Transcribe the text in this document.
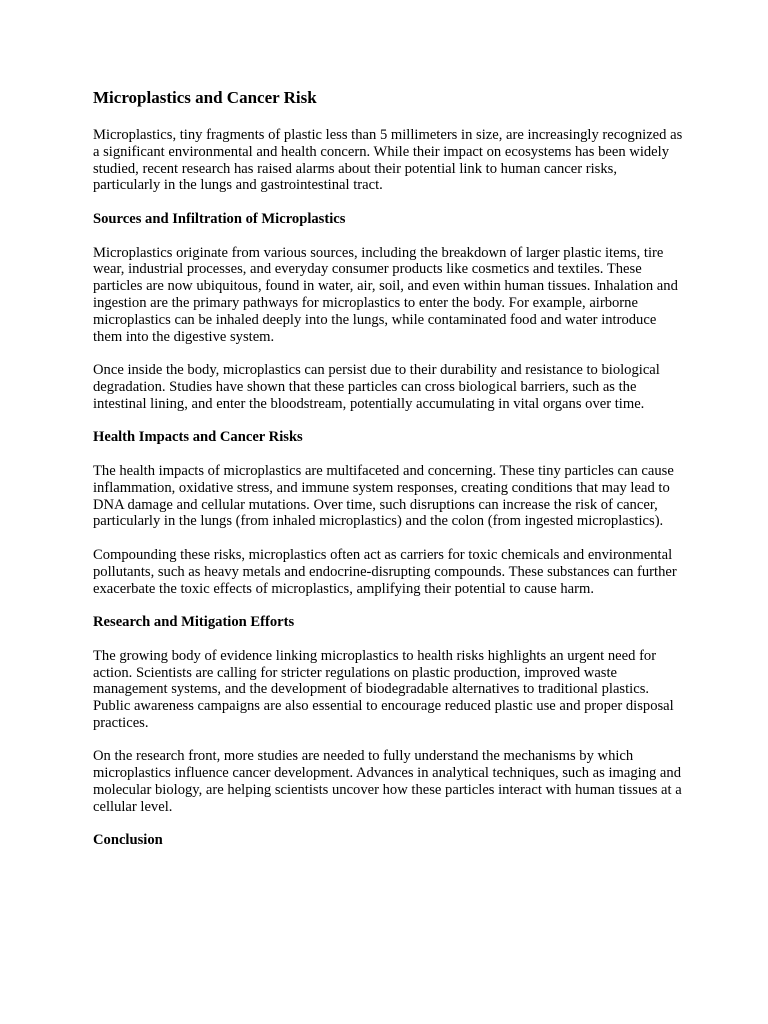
Microplastics and Cancer Risk

Microplastics, tiny fragments of plastic less than 5 millimeters in size, are increasingly recognized as a significant environmental and health concern. While their impact on ecosystems has been widely studied, recent research has raised alarms about their potential link to human cancer risks, particularly in the lungs and gastrointestinal tract.

Sources and Infiltration of Microplastics

Microplastics originate from various sources, including the breakdown of larger plastic items, tire wear, industrial processes, and everyday consumer products like cosmetics and textiles. These particles are now ubiquitous, found in water, air, soil, and even within human tissues. Inhalation and ingestion are the primary pathways for microplastics to enter the body. For example, airborne microplastics can be inhaled deeply into the lungs, while contaminated food and water introduce them into the digestive system.

Once inside the body, microplastics can persist due to their durability and resistance to biological degradation. Studies have shown that these particles can cross biological barriers, such as the intestinal lining, and enter the bloodstream, potentially accumulating in vital organs over time.

Health Impacts and Cancer Risks

The health impacts of microplastics are multifaceted and concerning. These tiny particles can cause inflammation, oxidative stress, and immune system responses, creating conditions that may lead to DNA damage and cellular mutations. Over time, such disruptions can increase the risk of cancer, particularly in the lungs (from inhaled microplastics) and the colon (from ingested microplastics).

Compounding these risks, microplastics often act as carriers for toxic chemicals and environmental pollutants, such as heavy metals and endocrine-disrupting compounds. These substances can further exacerbate the toxic effects of microplastics, amplifying their potential to cause harm.

Research and Mitigation Efforts

The growing body of evidence linking microplastics to health risks highlights an urgent need for action. Scientists are calling for stricter regulations on plastic production, improved waste management systems, and the development of biodegradable alternatives to traditional plastics. Public awareness campaigns are also essential to encourage reduced plastic use and proper disposal practices.

On the research front, more studies are needed to fully understand the mechanisms by which microplastics influence cancer development. Advances in analytical techniques, such as imaging and molecular biology, are helping scientists uncover how these particles interact with human tissues at a cellular level.

Conclusion
